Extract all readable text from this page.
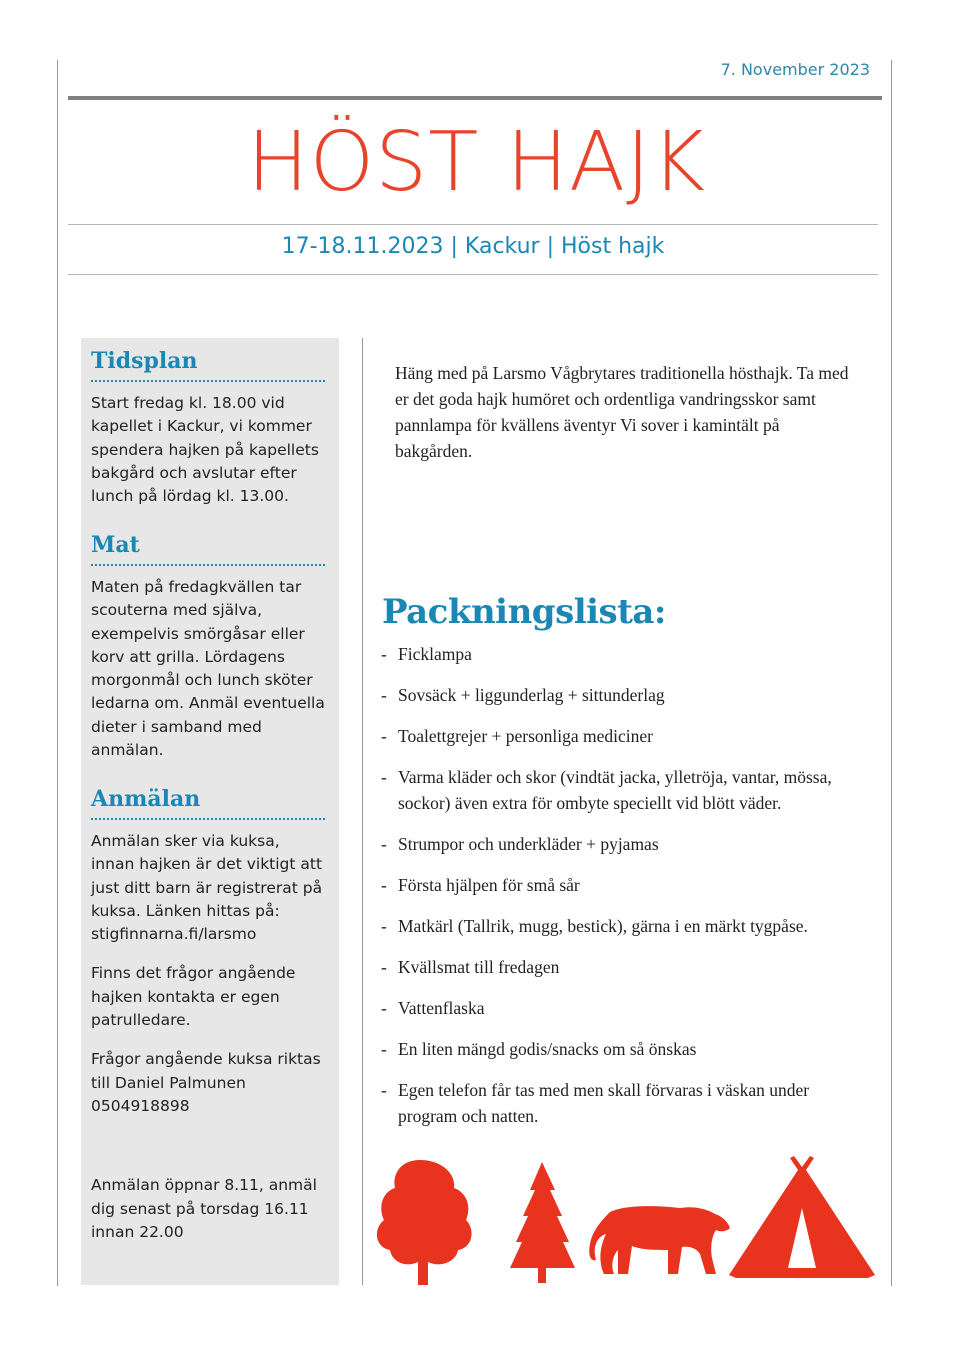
7. November 2023
HÖST HAJK
17-18.11.2023 | Kackur | Höst hajk
Tidsplan

Start fredag kl. 18.00 vid kapellet i Kackur, vi kommer spendera hajken på kapellets bakgård och avslutar efter lunch på lördag kl. 13.00.

Mat

Maten på fredagkvällen tar scouterna med själva, exempelvis smörgåsar eller korv att grilla. Lördagens morgonmål och lunch sköter ledarna om. Anmäl eventuella dieter i samband med anmälan.

Anmälan

Anmälan sker via kuksa, innan hajken är det viktigt att just ditt barn är registrerat på kuksa. Länken hittas på: stigfinnarna.fi/larsmo

Finns det frågor angående hajken kontakta er egen patrulledare.

Frågor angående kuksa riktas till Daniel Palmunen 0504918898

Anmälan öppnar 8.11, anmäl dig senast på torsdag 16.11 innan 22.00

Häng med på Larsmo Vågbrytares traditionella hösthajk. Ta med er det goda hajk humöret och ordentliga vandringsskor samt pannlampa för kvällens äventyr Vi sover i kamintält på bakgården.
Packningslista:
- Ficklampa
- Sovsäck + liggunderlag + sittunderlag
- Toalettgrejer + personliga mediciner
- Varma kläder och skor (vindtät jacka, ylletröja, vantar, mössa, sockor) även extra för ombyte speciellt vid blött väder.
- Strumpor och underkläder + pyjamas
- Första hjälpen för små sår
- Matkärl (Tallrik, mugg, bestick), gärna i en märkt tygpåse.
- Kvällsmat till fredagen
- Vattenflaska
- En liten mängd godis/snacks om så önskas
- Egen telefon får tas med men skall förvaras i väskan under program och natten.
